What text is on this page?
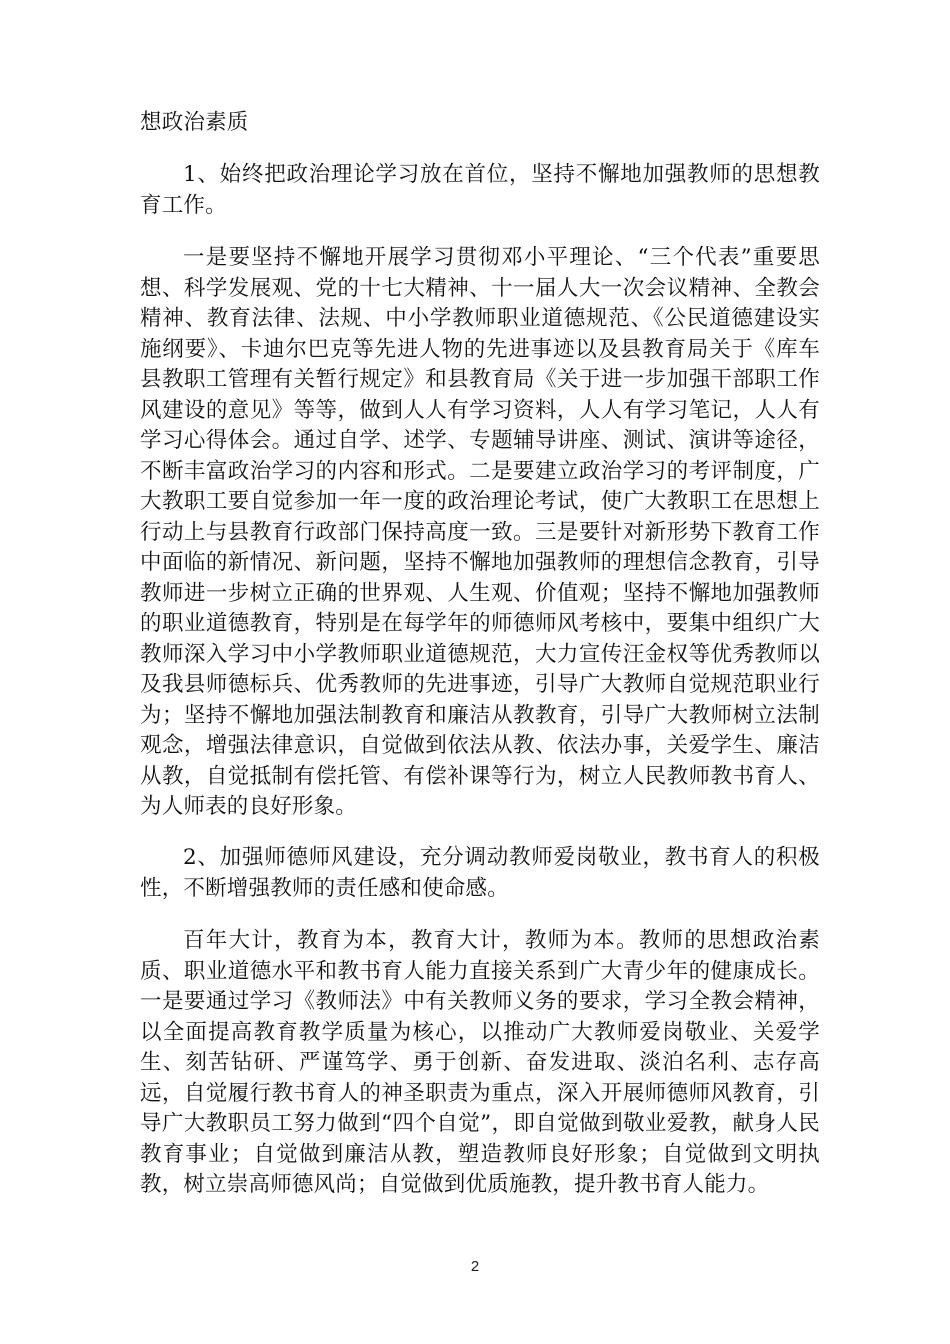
想政治素质

1、始终把政治理论学习放在首位，坚持不懈地加强教师的思想教育工作。

一是要坚持不懈地开展学习贯彻邓小平理论、“三个代表”重要思想、科学发展观、党的十七大精神、十一届人大一次会议精神、全教会精神、教育法律、法规、中小学教师职业道德规范、《公民道德建设实施纲要》、卡迪尔巴克等先进人物的先进事迹以及县教育局关于《库车县教职工管理有关暂行规定》和县教育局《关于进一步加强干部职工作风建设的意见》等等，做到人人有学习资料，人人有学习笔记，人人有学习心得体会。通过自学、述学、专题辅导讲座、测试、演讲等途径，不断丰富政治学习的内容和形式。二是要建立政治学习的考评制度，广大教职工要自觉参加一年一度的政治理论考试，使广大教职工在思想上行动上与县教育行政部门保持高度一致。三是要针对新形势下教育工作中面临的新情况、新问题，坚持不懈地加强教师的理想信念教育，引导教师进一步树立正确的世界观、人生观、价值观；坚持不懈地加强教师的职业道德教育，特别是在每学年的师德师风考核中，要集中组织广大教师深入学习中小学教师职业道德规范，大力宣传汪金权等优秀教师以及我县师德标兵、优秀教师的先进事迹，引导广大教师自觉规范职业行为；坚持不懈地加强法制教育和廉洁从教教育，引导广大教师树立法制观念，增强法律意识，自觉做到依法从教、依法办事，关爱学生、廉洁从教，自觉抵制有偿托管、有偿补课等行为，树立人民教师教书育人、为人师表的良好形象。

2、加强师德师风建设，充分调动教师爱岗敬业，教书育人的积极性，不断增强教师的责任感和使命感。

百年大计，教育为本，教育大计，教师为本。教师的思想政治素质、职业道德水平和教书育人能力直接关系到广大青少年的健康成长。一是要通过学习《教师法》中有关教师义务的要求，学习全教会精神，以全面提高教育教学质量为核心，以推动广大教师爱岗敬业、关爱学生、刻苦钻研、严谨笃学、勇于创新、奋发进取、淡泊名利、志存高远，自觉履行教书育人的神圣职责为重点，深入开展师德师风教育，引导广大教职员工努力做到“四个自觉”，即自觉做到敬业爱教，献身人民教育事业；自觉做到廉洁从教，塑造教师良好形象；自觉做到文明执教，树立崇高师德风尚；自觉做到优质施教，提升教书育人能力。

2
